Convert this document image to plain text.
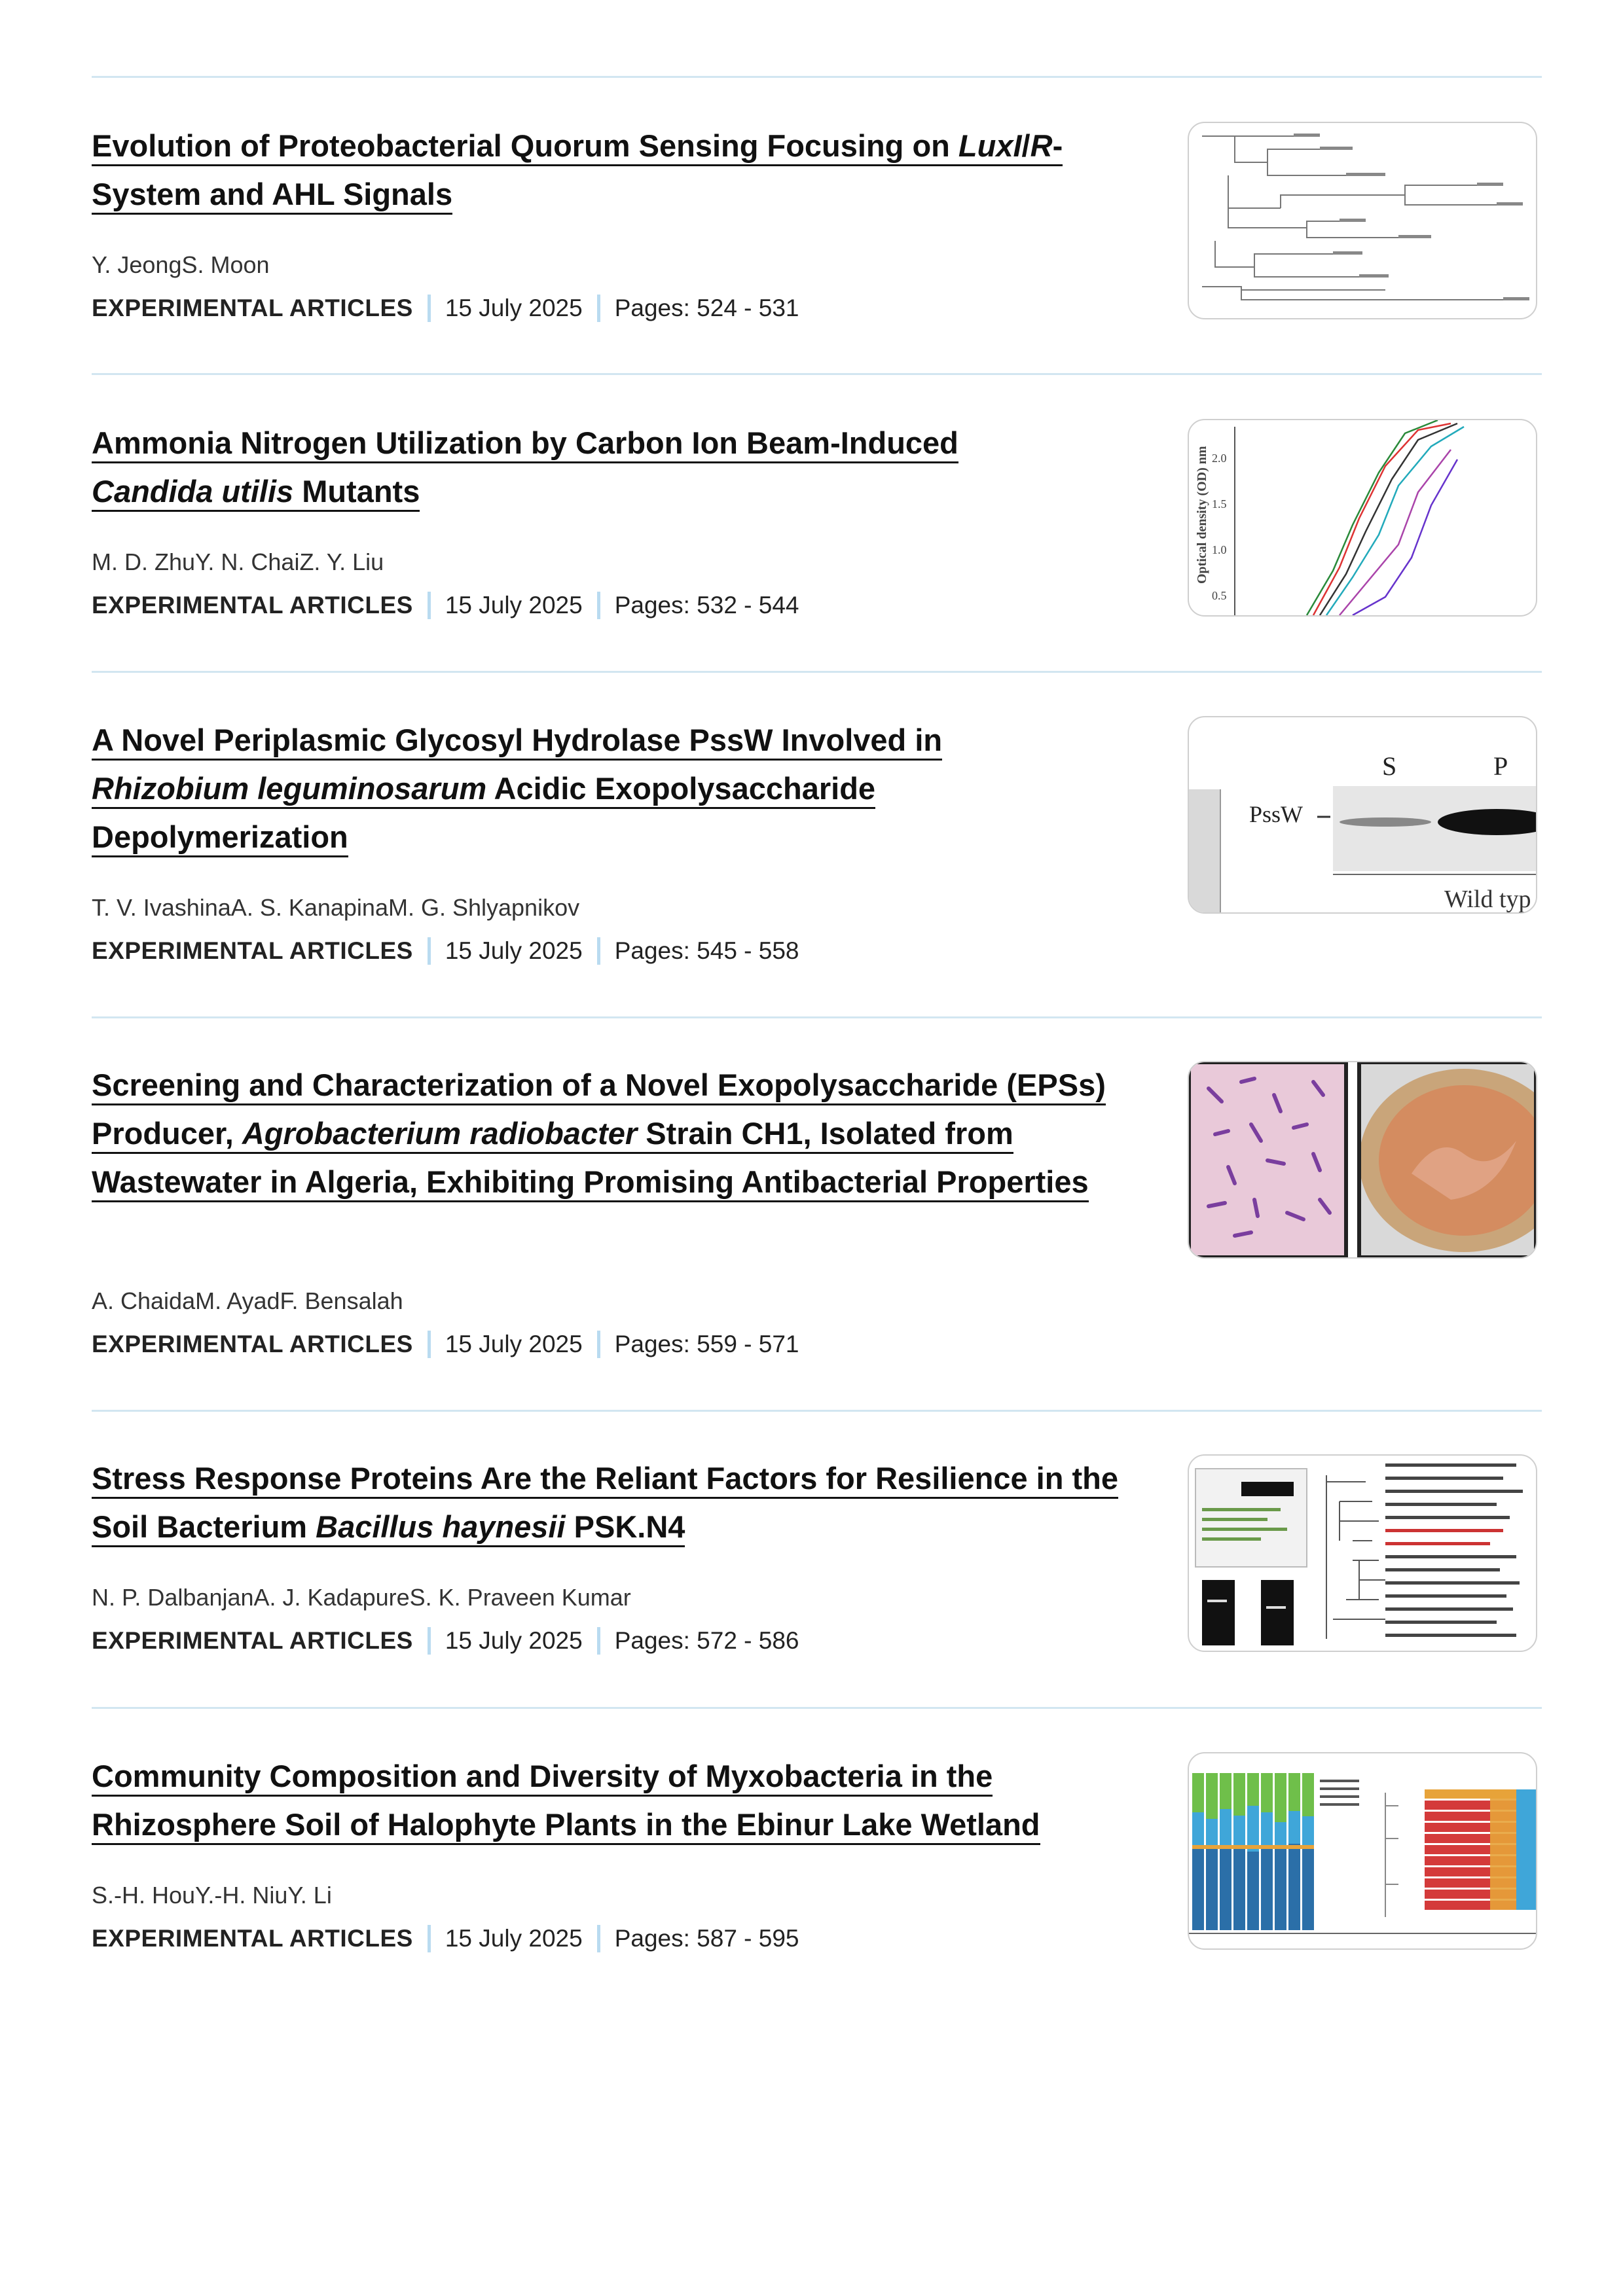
Evolution of Proteobacterial Quorum Sensing Focusing on LuxI/R-System and AHL Signals
Y. JeongS. Moon
EXPERIMENTAL ARTICLES 15 July 2025 Pages: 524 - 531
Ammonia Nitrogen Utilization by Carbon Ion Beam-Induced Candida utilis Mutants
M. D. ZhuY. N. ChaiZ. Y. Liu
EXPERIMENTAL ARTICLES 15 July 2025 Pages: 532 - 544
Optical density (OD) nm 2.0
1.5
1.0
0.5
A Novel Periplasmic Glycosyl Hydrolase PssW Involved in Rhizobium leguminosarum Acidic Exopolysaccharide Depolymerization
T. V. IvashinaA. S. KanapinaM. G. Shlyapnikov
EXPERIMENTAL ARTICLES 15 July 2025 Pages: 545 - 558
S	P
PssW
Wild typ
Screening and Characterization of a Novel Exopolysaccharide (EPSs) Producer, Agrobacterium radiobacter Strain CH1, Isolated from Wastewater in Algeria, Exhibiting Promising Antibacterial Properties
A. ChaidaM. AyadF. Bensalah
EXPERIMENTAL ARTICLES 15 July 2025 Pages: 559 - 571
Stress Response Proteins Are the Reliant Factors for Resilience in the Soil Bacterium Bacillus haynesii PSK.N4
N. P. DalbanjanA. J. KadapureS. K. Praveen Kumar
EXPERIMENTAL ARTICLES 15 July 2025 Pages: 572 - 586
Community Composition and Diversity of Myxobacteria in the Rhizosphere Soil of Halophyte Plants in the Ebinur Lake Wetland
S.-H. HouY.-H. NiuY. Li
EXPERIMENTAL ARTICLES 15 July 2025 Pages: 587 - 595
